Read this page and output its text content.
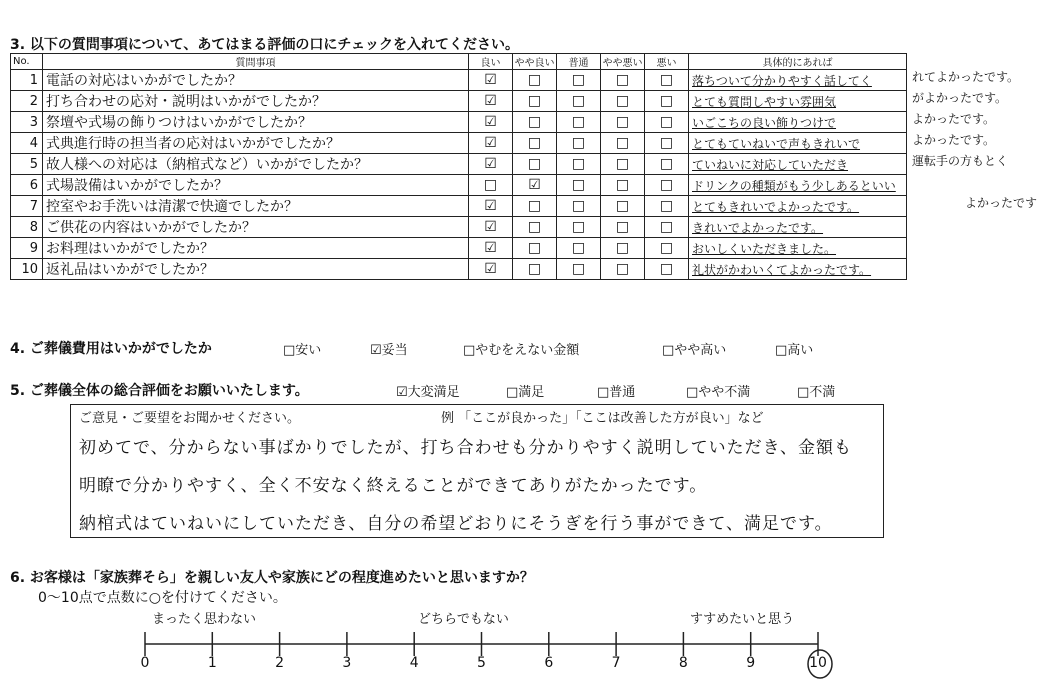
3. 以下の質問事項について、あてはまる評価の口にチェックを入れてください。
No.	質問事項	良い	やや良い	普通	やや悪い	悪い	具体的にあれば
1	電話の対応はいかがでしたか？	☑	□	□	□	□	落ちついて分かりやすく話してく
2	打ち合わせの応対・説明はいかがでしたか？	☑	□	□	□	□	とても質問しやすい雰囲気
3	祭壇や式場の飾りつけはいかがでしたか？	☑	□	□	□	□	いごこちの良い飾りつけで
4	式典進行時の担当者の応対はいかがでしたか？	☑	□	□	□	□	とてもていねいで声もきれいで
5	故人様への対応は（納棺式など）いかがでしたか？	☑	□	□	□	□	ていねいに対応していただき
6	式場設備はいかがでしたか？	□	☑	□	□	□	ドリンクの種類がもう少しあるといい
7	控室やお手洗いは清潔で快適でしたか？	☑	□	□	□	□	とてもきれいでよかったです。
8	ご供花の内容はいかがでしたか？	☑	□	□	□	□	きれいでよかったです。
9	お料理はいかがでしたか？	☑	□	□	□	□	おいしくいただきました。
10	返礼品はいかがでしたか？	☑	□	□	□	□	礼状がかわいくてよかったです。
れてよかったです。
がよかったです。
よかったです。
よかったです。
運転手の方もとく
よかったです
4. ご葬儀費用はいかがでしたか	□安い	☑妥当	□やむをえない金額	□やや高い	□高い
5. ご葬儀全体の総合評価をお願いいたします。	☑大変満足	□満足	□普通	□やや不満	□不満
ご意見・ご要望をお聞かせください。	例 「ここが良かった」「ここは改善した方が良い」など
初めてで、分からない事ばかりでしたが、打ち合わせも分かりやすく説明していただき、金額も
明瞭で分かりやすく、全く不安なく終えることができてありがたかったです。
納棺式はていねいにしていただき、自分の希望どおりにそうぎを行う事ができて、満足です。
6. お客様は「家族葬そら」を親しい友人や家族にどの程度進めたいと思いますか？
0〜10点で点数に○を付けてください。
まったく思わない	どちらでもない	すすめたいと思う
0	1	2	3	4	5	6	7	8	9	10
